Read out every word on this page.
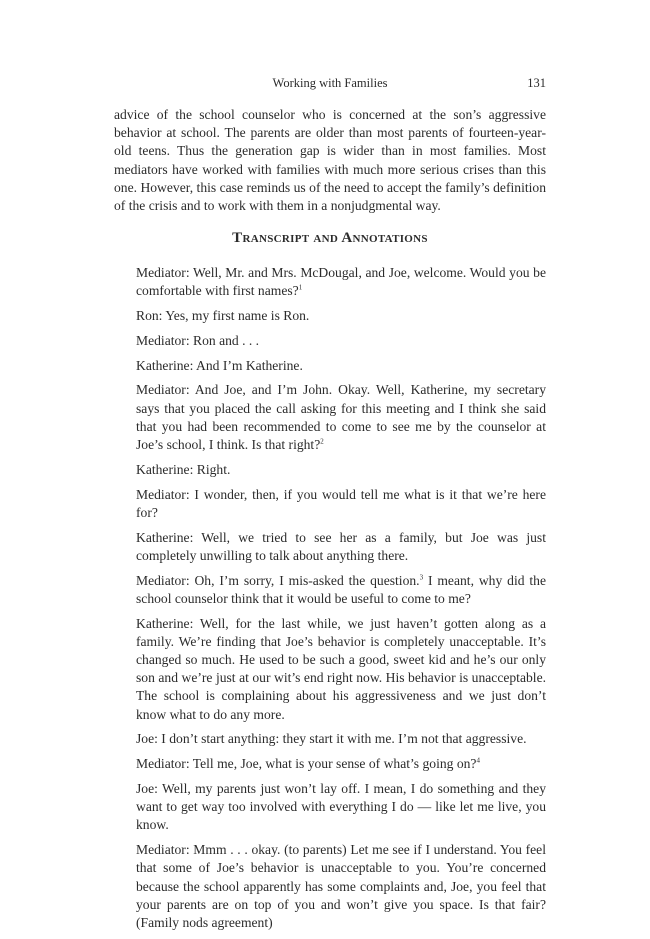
Working with Families	131

advice of the school counselor who is concerned at the son’s aggressive behavior at school. The parents are older than most parents of fourteen-year-old teens. Thus the generation gap is wider than in most families. Most mediators have worked with families with much more serious crises than this one. However, this case reminds us of the need to accept the family’s definition of the crisis and to work with them in a nonjudgmental way.

Transcript and Annotations

Mediator: Well, Mr. and Mrs. McDougal, and Joe, welcome. Would you be comfortable with first names?$^1$

Ron: Yes, my first name is Ron.

Mediator: Ron and . . .

Katherine: And I’m Katherine.

Mediator: And Joe, and I’m John. Okay. Well, Katherine, my secretary says that you placed the call asking for this meeting and I think she said that you had been recommended to come to see me by the counselor at Joe’s school, I think. Is that right?$^2$

Katherine: Right.

Mediator: I wonder, then, if you would tell me what is it that we’re here for?

Katherine: Well, we tried to see her as a family, but Joe was just completely unwilling to talk about anything there.

Mediator: Oh, I’m sorry, I mis-asked the question.$^3$ I meant, why did the school counselor think that it would be useful to come to me?

Katherine: Well, for the last while, we just haven’t gotten along as a family. We’re finding that Joe’s behavior is completely unacceptable. It’s changed so much. He used to be such a good, sweet kid and he’s our only son and we’re just at our wit’s end right now. His behavior is unacceptable. The school is complaining about his aggressiveness and we just don’t know what to do any more.

Joe: I don’t start anything: they start it with me. I’m not that aggressive.

Mediator: Tell me, Joe, what is your sense of what’s going on?$^4$

Joe: Well, my parents just won’t lay off. I mean, I do something and they want to get way too involved with everything I do — like let me live, you know.

Mediator: Mmm . . . okay. (to parents) Let me see if I understand. You feel that some of Joe’s behavior is unacceptable to you. You’re concerned because the school apparently has some complaints and, Joe, you feel that your parents are on top of you and won’t give you space. Is that fair? (Family nods agreement)
